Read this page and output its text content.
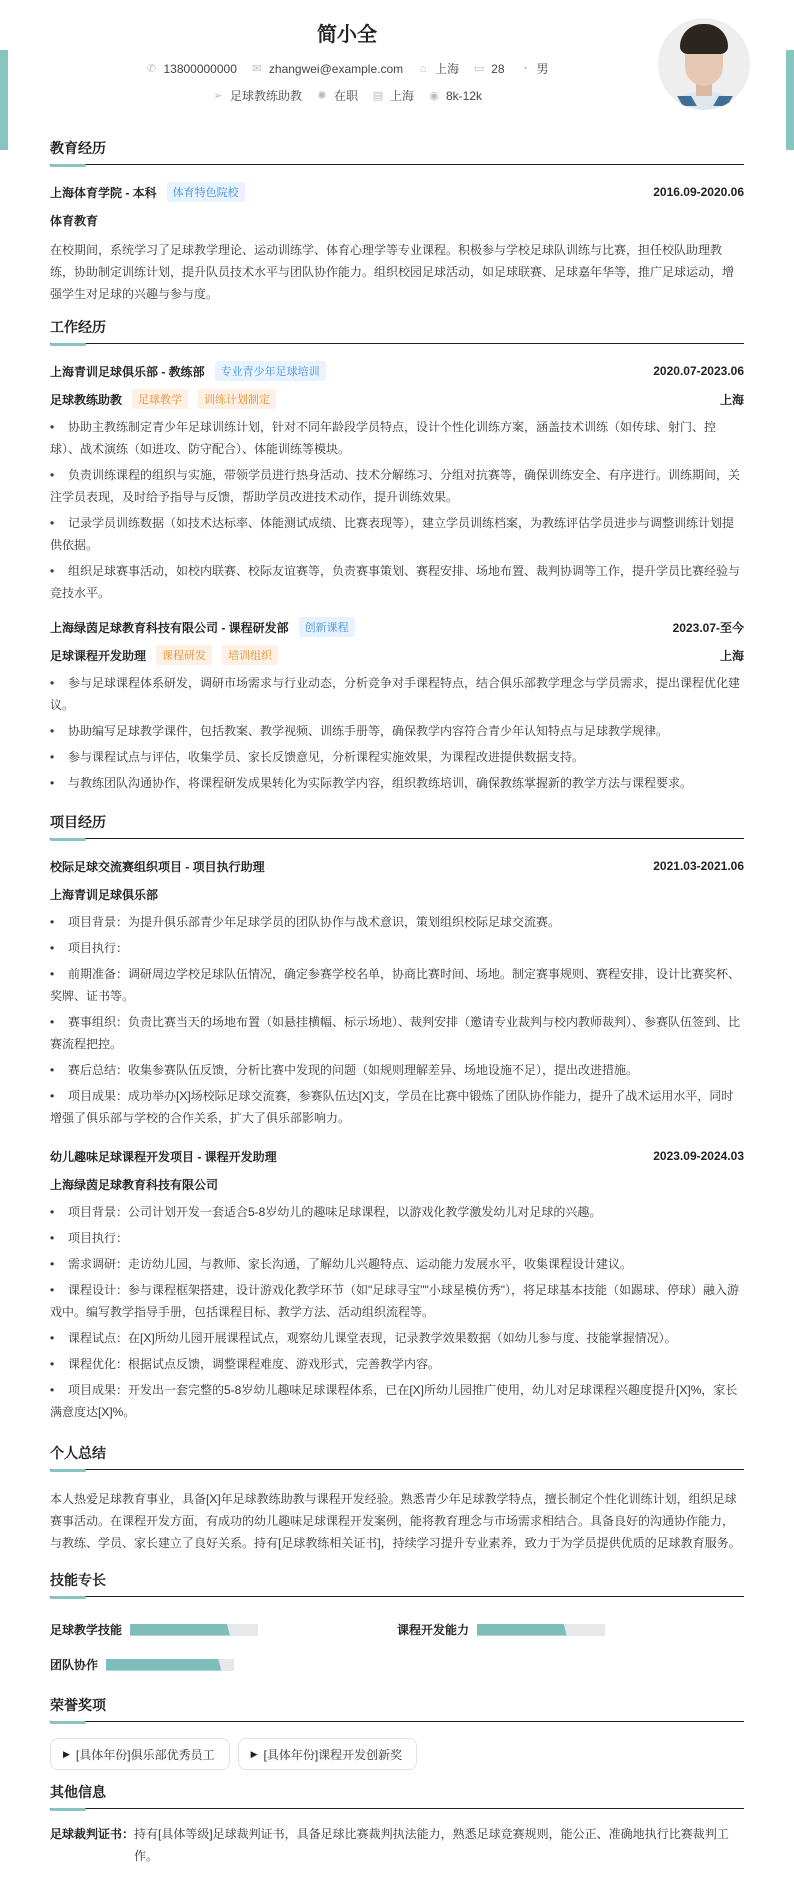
简小全
✆ 13800000000 ✉ zhangwei@example.com ⌂ 上海 ▭ 28 ◔ 男
➢ 足球教练助教 ✺ 在职 ▤ 上海 ◉ 8k-12k
教育经历
上海体育学院 - 本科	体育特色院校	2016.09-2020.06
体育教育
在校期间，系统学习了足球教学理论、运动训练学、体育心理学等专业课程。积极参与学校足球队训练与比赛，担任校队助理教练，协助制定训练计划，提升队员技术水平与团队协作能力。组织校园足球活动，如足球联赛、足球嘉年华等，推广足球运动，增强学生对足球的兴趣与参与度。
工作经历
上海青训足球俱乐部 - 教练部	专业青少年足球培训	2020.07-2023.06
足球教练助教	足球教学	训练计划制定	上海
• 协助主教练制定青少年足球训练计划，针对不同年龄段学员特点，设计个性化训练方案，涵盖技术训练（如传球、射门、控球）、战术演练（如进攻、防守配合）、体能训练等模块。
• 负责训练课程的组织与实施，带领学员进行热身活动、技术分解练习、分组对抗赛等，确保训练安全、有序进行。训练期间，关注学员表现，及时给予指导与反馈，帮助学员改进技术动作，提升训练效果。
• 记录学员训练数据（如技术达标率、体能测试成绩、比赛表现等），建立学员训练档案，为教练评估学员进步与调整训练计划提供依据。
• 组织足球赛事活动，如校内联赛、校际友谊赛等，负责赛事策划、赛程安排、场地布置、裁判协调等工作，提升学员比赛经验与竞技水平。
上海绿茵足球教育科技有限公司 - 课程研发部	创新课程	2023.07-至今
足球课程开发助理	课程研发	培训组织	上海
• 参与足球课程体系研发，调研市场需求与行业动态，分析竞争对手课程特点，结合俱乐部教学理念与学员需求，提出课程优化建议。
• 协助编写足球教学课件，包括教案、教学视频、训练手册等，确保教学内容符合青少年认知特点与足球教学规律。
• 参与课程试点与评估，收集学员、家长反馈意见，分析课程实施效果，为课程改进提供数据支持。
• 与教练团队沟通协作，将课程研发成果转化为实际教学内容，组织教练培训，确保教练掌握新的教学方法与课程要求。
项目经历
校际足球交流赛组织项目 - 项目执行助理	2021.03-2021.06
上海青训足球俱乐部
• 项目背景：为提升俱乐部青少年足球学员的团队协作与战术意识，策划组织校际足球交流赛。
• 项目执行：
• 前期准备：调研周边学校足球队伍情况，确定参赛学校名单，协商比赛时间、场地。制定赛事规则、赛程安排，设计比赛奖杯、奖牌、证书等。
• 赛事组织：负责比赛当天的场地布置（如悬挂横幅、标示场地）、裁判安排（邀请专业裁判与校内教师裁判）、参赛队伍签到、比赛流程把控。
• 赛后总结：收集参赛队伍反馈，分析比赛中发现的问题（如规则理解差异、场地设施不足），提出改进措施。
• 项目成果：成功举办[X]场校际足球交流赛，参赛队伍达[X]支，学员在比赛中锻炼了团队协作能力，提升了战术运用水平，同时增强了俱乐部与学校的合作关系，扩大了俱乐部影响力。
幼儿趣味足球课程开发项目 - 课程开发助理	2023.09-2024.03
上海绿茵足球教育科技有限公司
• 项目背景：公司计划开发一套适合5-8岁幼儿的趣味足球课程，以游戏化教学激发幼儿对足球的兴趣。
• 项目执行：
• 需求调研：走访幼儿园，与教师、家长沟通，了解幼儿兴趣特点、运动能力发展水平，收集课程设计建议。
• 课程设计：参与课程框架搭建，设计游戏化教学环节（如"足球寻宝""小球星模仿秀"），将足球基本技能（如踢球、停球）融入游戏中。编写教学指导手册，包括课程目标、教学方法、活动组织流程等。
• 课程试点：在[X]所幼儿园开展课程试点，观察幼儿课堂表现，记录教学效果数据（如幼儿参与度、技能掌握情况）。
• 课程优化：根据试点反馈，调整课程难度、游戏形式，完善教学内容。
• 项目成果：开发出一套完整的5-8岁幼儿趣味足球课程体系，已在[X]所幼儿园推广使用，幼儿对足球课程兴趣度提升[X]%，家长满意度达[X]%。
个人总结
本人热爱足球教育事业，具备[X]年足球教练助教与课程开发经验。熟悉青少年足球教学特点，擅长制定个性化训练计划，组织足球赛事活动。在课程开发方面，有成功的幼儿趣味足球课程开发案例，能将教育理念与市场需求相结合。具备良好的沟通协作能力，与教练、学员、家长建立了良好关系。持有[足球教练相关证书]，持续学习提升专业素养，致力于为学员提供优质的足球教育服务。
技能专长
足球教学技能	课程开发能力
团队协作
荣誉奖项
▶ [具体年份]俱乐部优秀员工	▶ [具体年份]课程开发创新奖
其他信息
足球裁判证书： 持有[具体等级]足球裁判证书，具备足球比赛裁判执法能力，熟悉足球竞赛规则，能公正、准确地执行比赛裁判工作。
